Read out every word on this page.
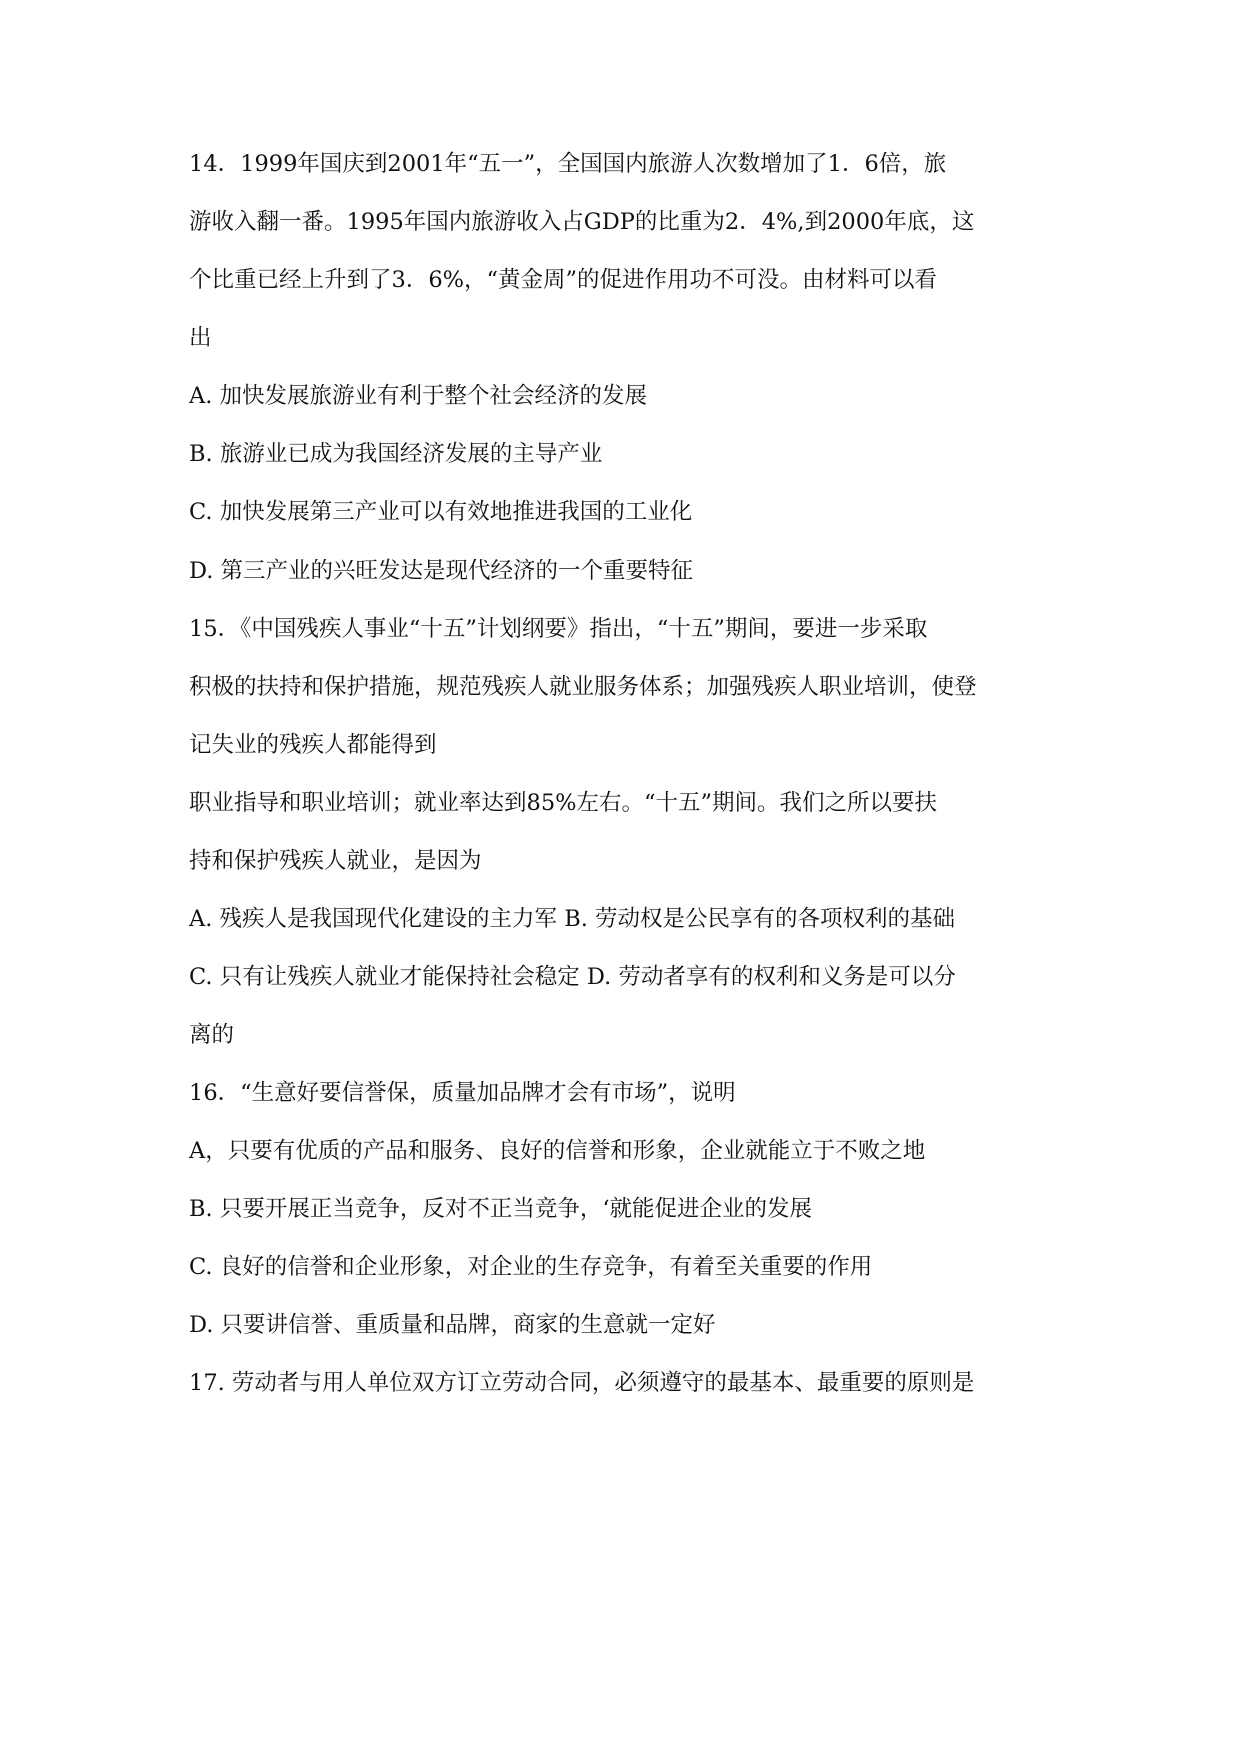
14．1999年国庆到2001年“五一”，全国国内旅游人次数增加了1．6倍，旅
游收入翻一番。1995年国内旅游收入占GDP的比重为2．4%,到2000年底，这
个比重已经上升到了3．6%，“黄金周”的促进作用功不可没。由材料可以看
出
A. 加快发展旅游业有利于整个社会经济的发展
B. 旅游业已成为我国经济发展的主导产业
C. 加快发展第三产业可以有效地推进我国的工业化
D. 第三产业的兴旺发达是现代经济的一个重要特征
15．《中国残疾人事业“十五”计划纲要》指出，“十五”期间，要进一步采取
积极的扶持和保护措施，规范残疾人就业服务体系；加强残疾人职业培训，使登
记失业的残疾人都能得到
职业指导和职业培训；就业率达到85%左右。“十五”期间。我们之所以要扶
持和保护残疾人就业，是因为
A. 残疾人是我国现代化建设的主力军 B. 劳动权是公民享有的各项权利的基础
C. 只有让残疾人就业才能保持社会稳定 D. 劳动者享有的权利和义务是可以分
离的
16．“生意好要信誉保，质量加品牌才会有市场”，说明
A，只要有优质的产品和服务、良好的信誉和形象，企业就能立于不败之地
B. 只要开展正当竞争，反对不正当竞争，‘就能促进企业的发展
C. 良好的信誉和企业形象，对企业的生存竞争，有着至关重要的作用
D. 只要讲信誉、重质量和品牌，商家的生意就一定好
17. 劳动者与用人单位双方订立劳动合同，必须遵守的最基本、最重要的原则是
